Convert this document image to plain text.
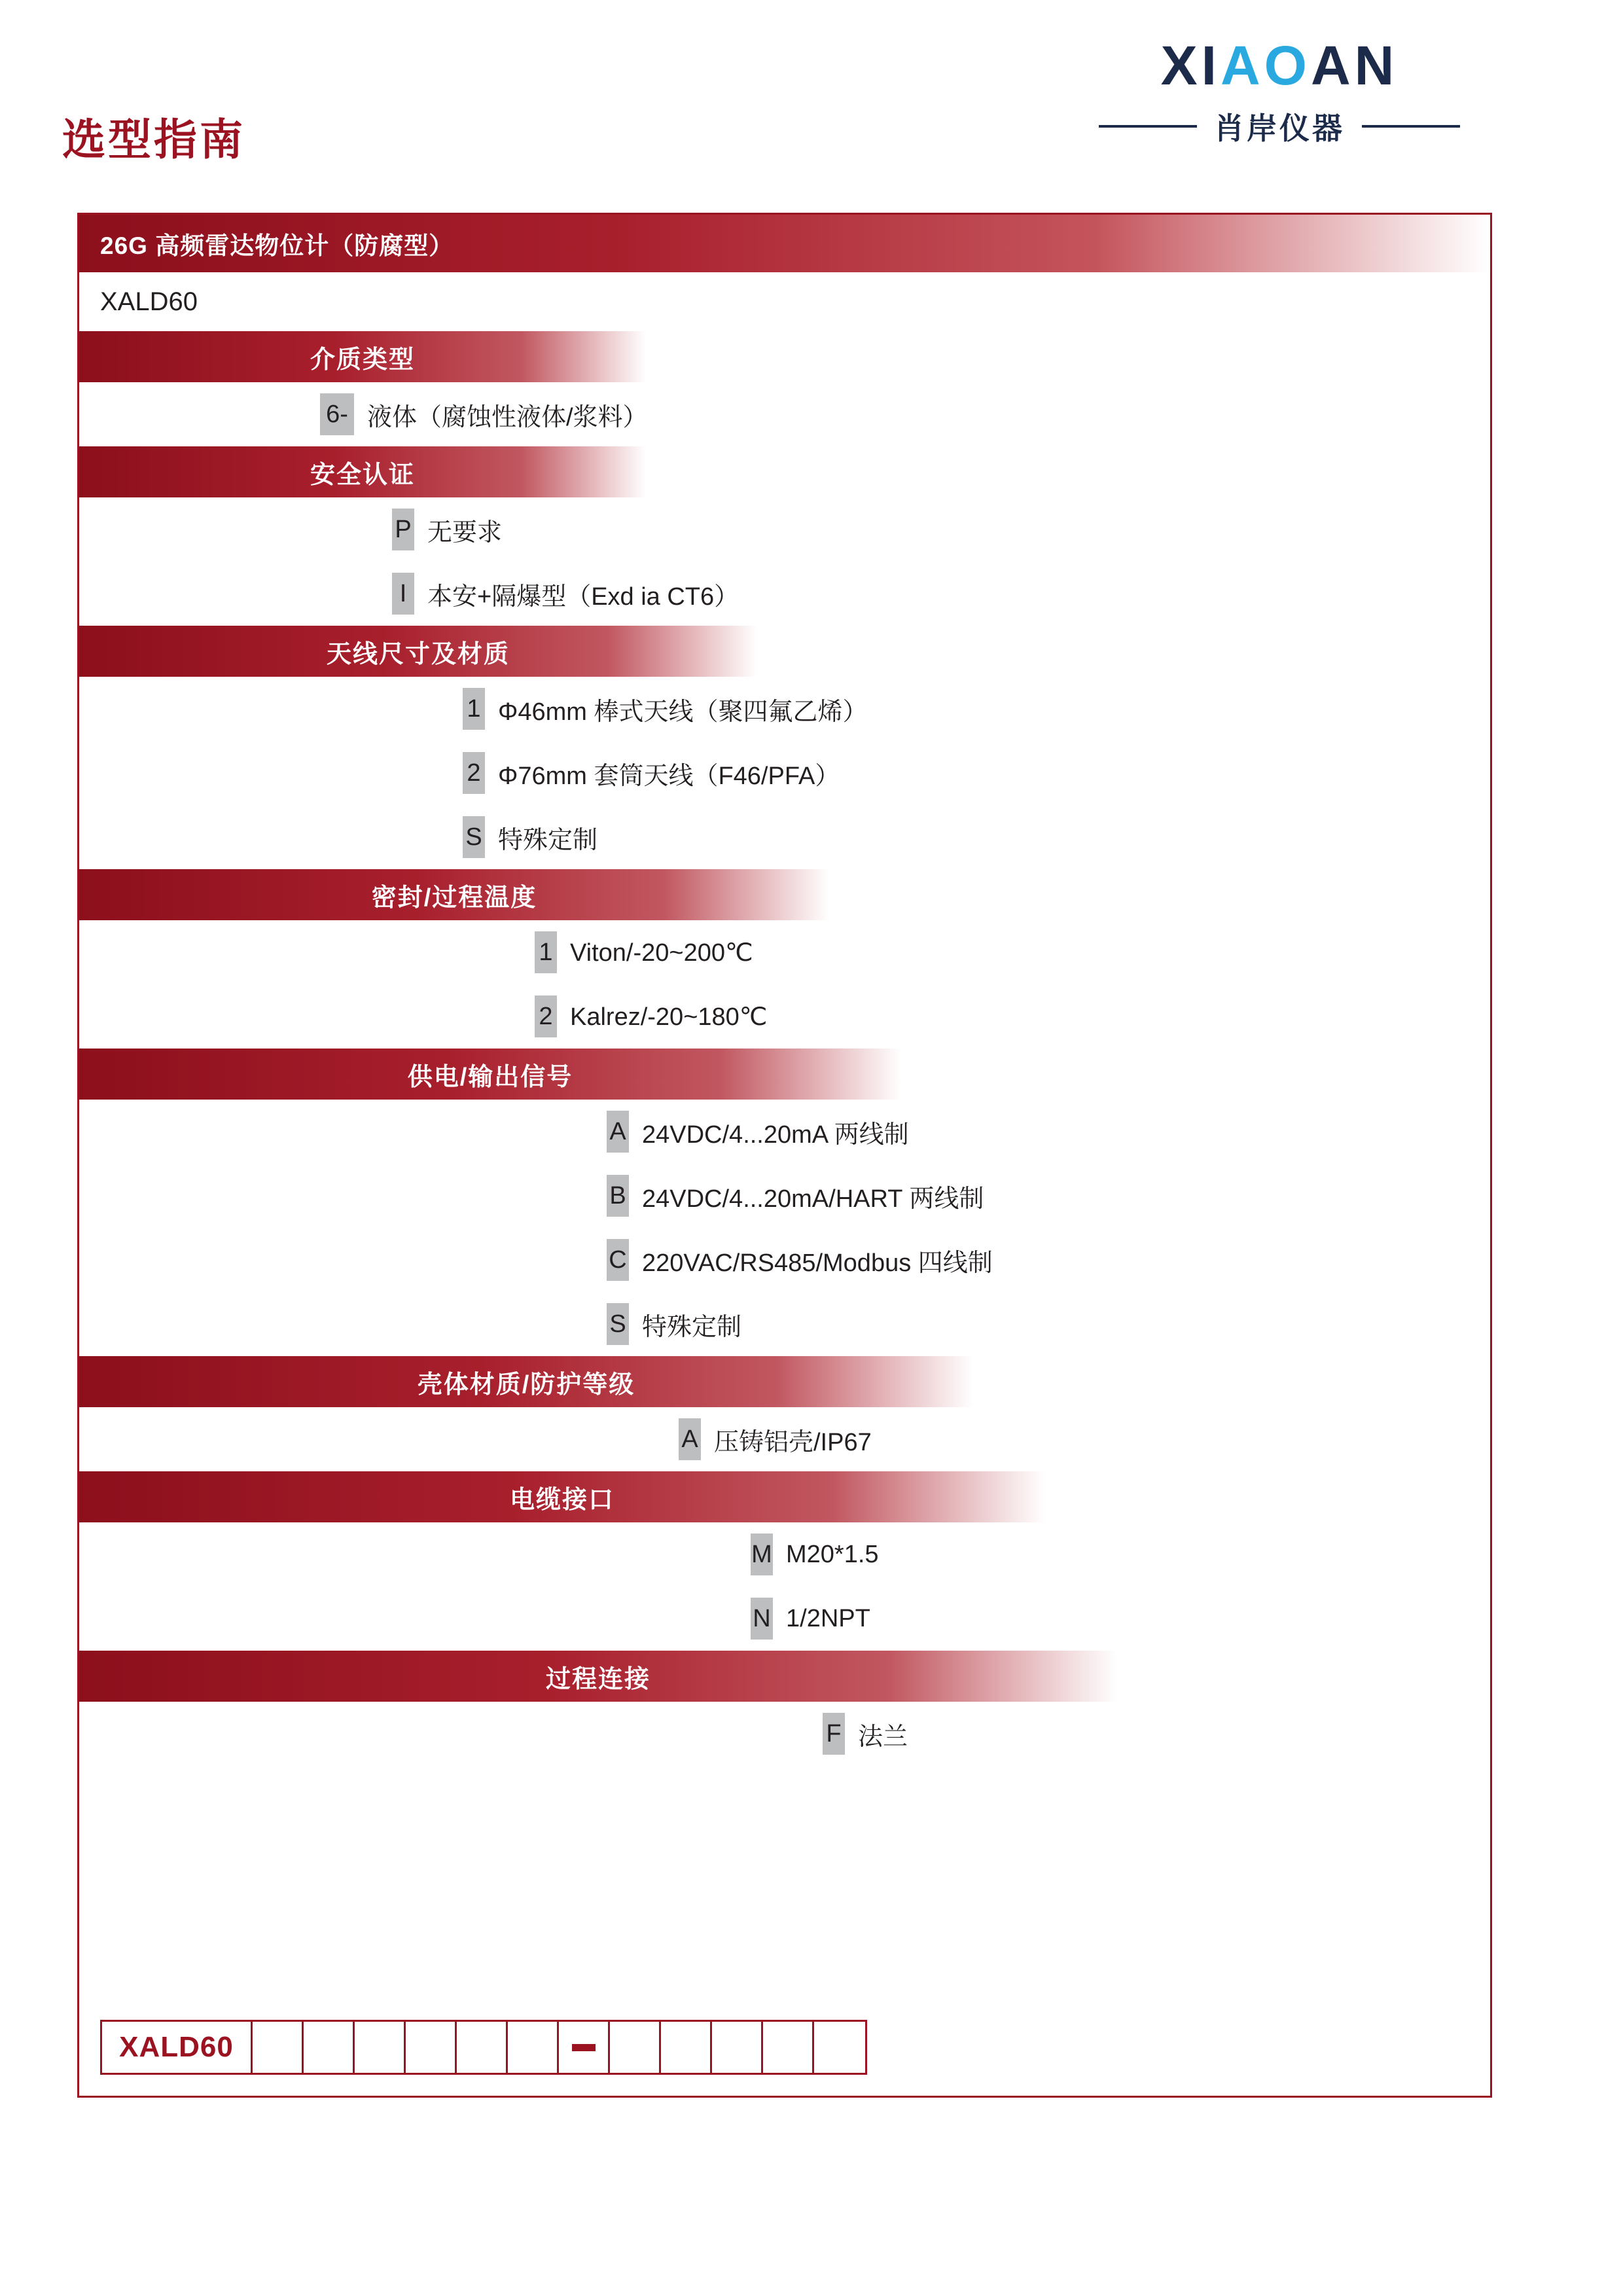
选型指南
XIAOAN
肖岸仪器
26G 高频雷达物位计（防腐型）
XALD60
介质类型
6- 液体（腐蚀性液体/浆料）
安全认证
P 无要求
I 本安+隔爆型（Exd ia CT6）
天线尺寸及材质
1 Φ46mm 棒式天线（聚四氟乙烯）
2 Φ76mm 套筒天线（F46/PFA）
S 特殊定制
密封/过程温度
1 Viton/-20~200℃
2 Kalrez/-20~180℃
供电/输出信号
A 24VDC/4...20mA 两线制
B 24VDC/4...20mA/HART 两线制
C 220VAC/RS485/Modbus 四线制
S 特殊定制
壳体材质/防护等级
A 压铸铝壳/IP67
电缆接口
M M20*1.5
N 1/2NPT
过程连接
F 法兰
XALD60
